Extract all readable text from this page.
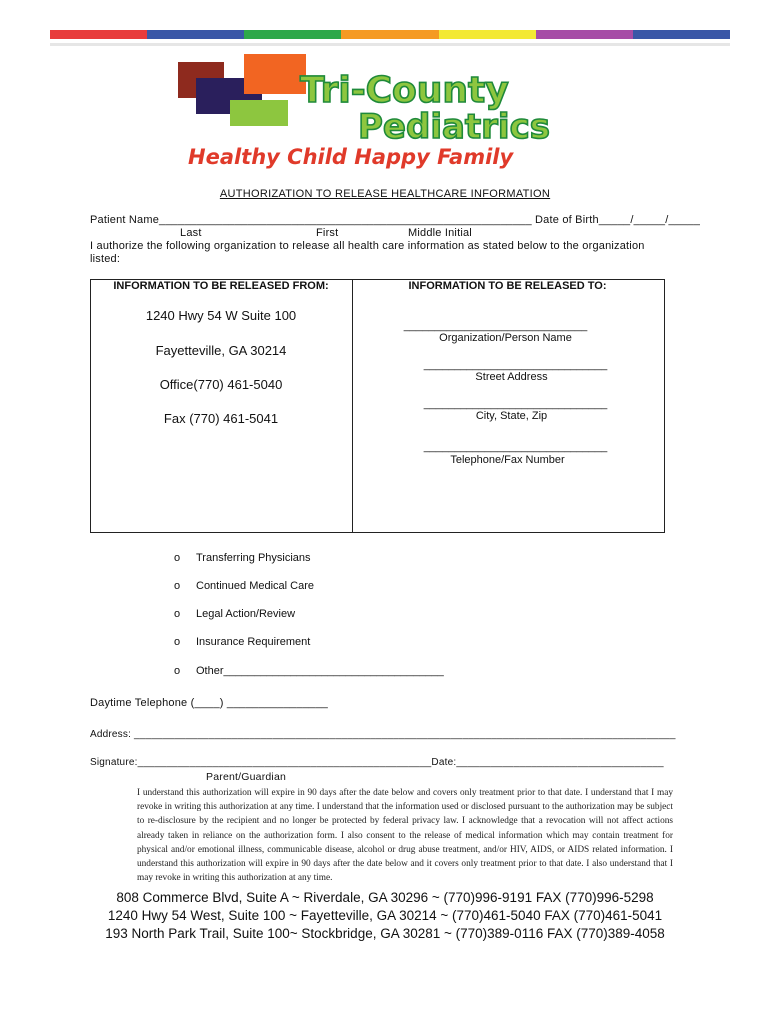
Tri-County
Pediatrics
Healthy Child Happy Family
AUTHORIZATION TO RELEASE HEALTHCARE INFORMATION
Patient Name___________________________________________________________ Date of Birth_____/_____/_____
Last	First	Middle Initial
I authorize the following organization to release all health care information as stated below to the organization
listed:
INFORMATION TO BE RELEASED FROM:
1240 Hwy 54 W Suite 100
Fayetteville, GA 30214
Office(770) 461-5040
Fax (770) 461-5041
INFORMATION TO BE RELEASED TO:
______________________________
Organization/Person Name
______________________________
Street Address
______________________________
City, State, Zip
______________________________
Telephone/Fax Number
o Transferring Physicians
o Continued Medical Care
o Legal Action/Review
o Insurance Requirement
o Other____________________________________
Daytime Telephone (____) ________________
Address: ______________________________________________________________________________________________
Signature:___________________________________________________Date:____________________________________
Parent/Guardian
I understand this authorization will expire in 90 days after the date below and covers only treatment prior to that date. I understand that I may revoke in writing this authorization at any time. I understand that the information used or disclosed pursuant to the authorization may be subject to re-disclosure by the recipient and no longer be protected by federal privacy law. I acknowledge that a revocation will not affect actions already taken in reliance on the authorization form. I also consent to the release of medical information which may contain treatment for physical and/or emotional illness, communicable disease, alcohol or drug abuse treatment, and/or HIV, AIDS, or AIDS related information. I understand this authorization will expire in 90 days after the date below and it covers only treatment prior to that date. I also understand that I may revoke in writing this authorization at any time.
808 Commerce Blvd, Suite A ~ Riverdale, GA 30296 ~ (770)996-9191 FAX (770)996-5298
1240 Hwy 54 West, Suite 100 ~ Fayetteville, GA 30214 ~ (770)461-5040 FAX (770)461-5041
193 North Park Trail, Suite 100~ Stockbridge, GA 30281 ~ (770)389-0116 FAX (770)389-4058
